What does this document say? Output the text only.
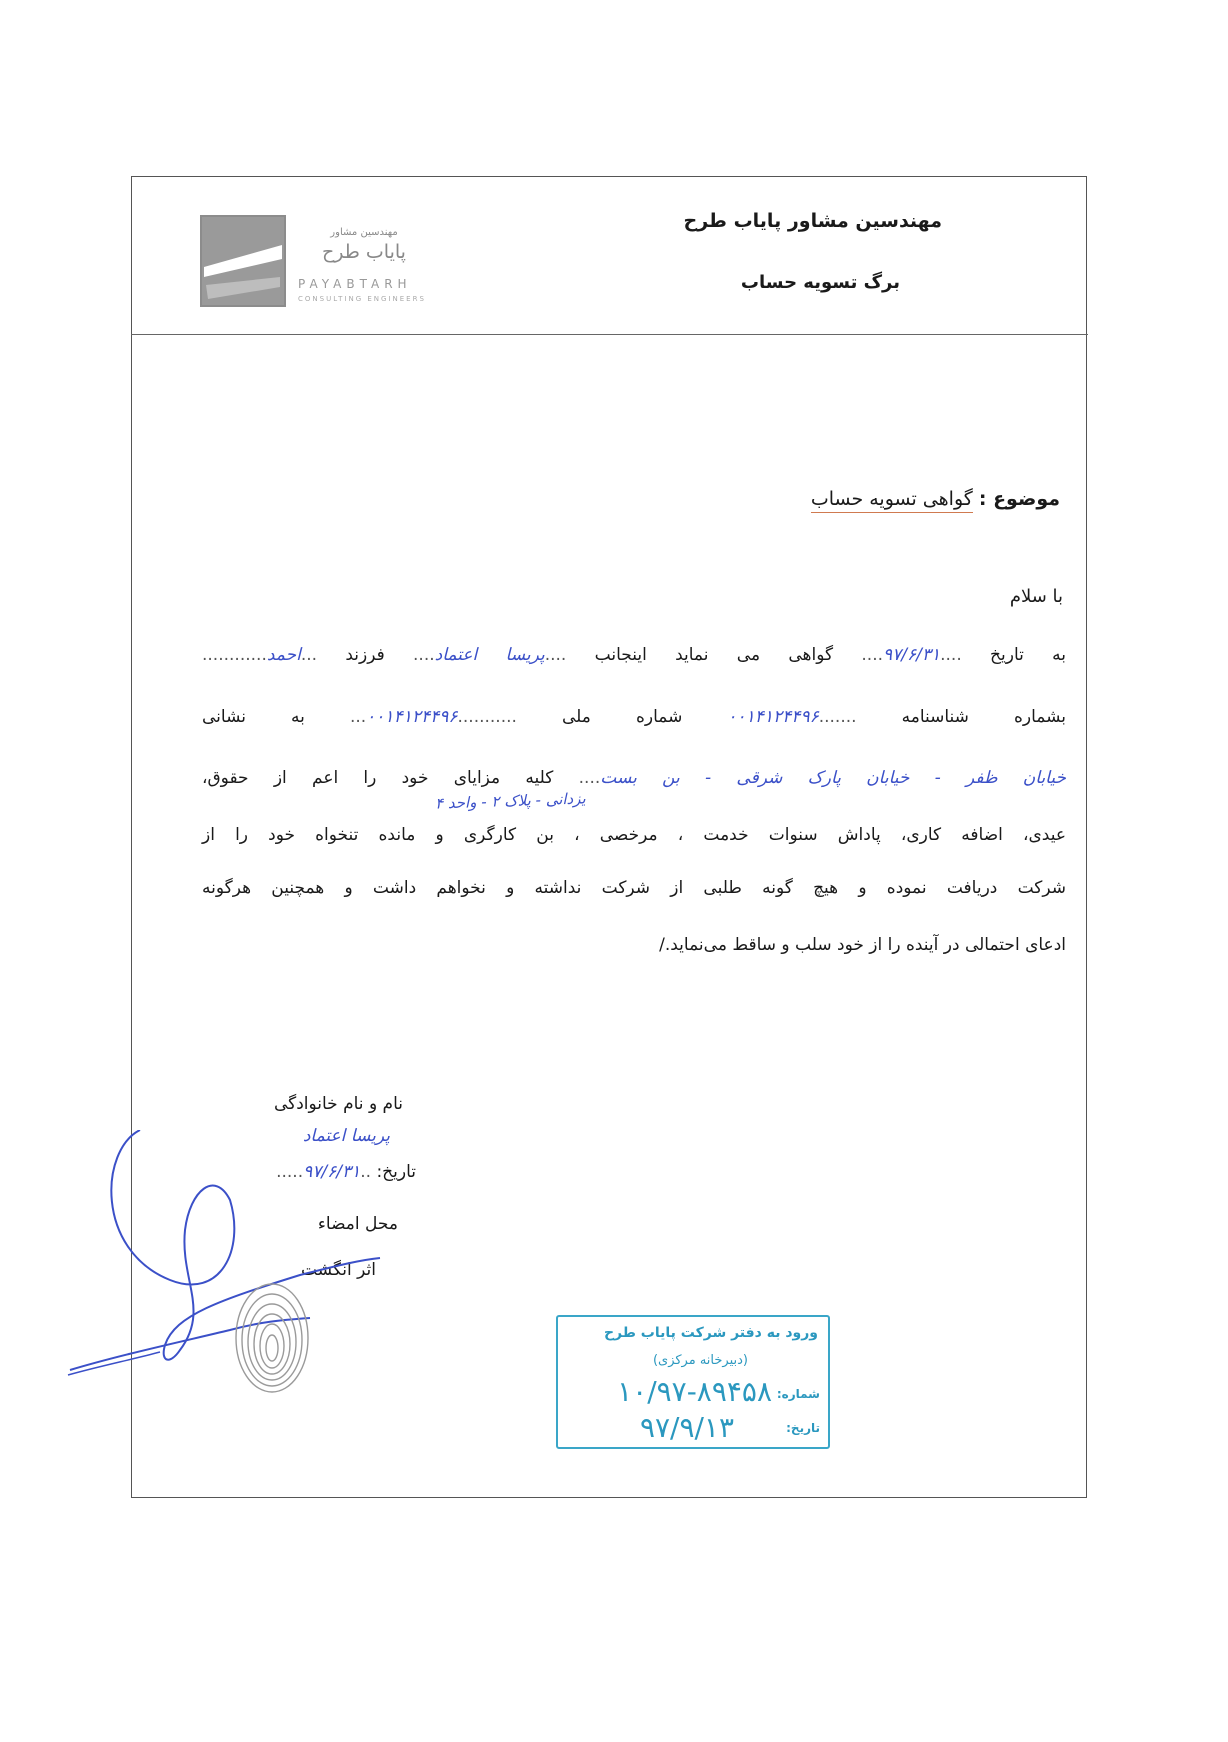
مهندسین مشاور
پایاب طرح
PAYABTARH
CONSULTING ENGINEERS
مهندسین مشاور پایاب طرح
برگ تسویه حساب
موضوع : گواهی تسویه حساب
با سلام
به تاریخ ....۹۷/۶/۳۱.... گواهی می نماید اینجانب ....پریسا اعتماد.... فرزند ...احمد............
بشماره شناسنامه .......۰۰۱۴۱۲۴۴۹۶ شماره ملی ...........۰۰۱۴۱۲۴۴۹۶... به نشانی
خیابان ظفر - خیابان پارک شرقی - بن بست.... کلیه مزایای خود را اعم از حقوق،
یزدانی - پلاک ۲ - واحد ۴
عیدی، اضافه کاری، پاداش سنوات خدمت ، مرخصی ، بن کارگری و مانده تنخواه خود را از
شرکت دریافت نموده و هیچ گونه طلبی از شرکت نداشته و نخواهم داشت و همچنین هرگونه
ادعای احتمالی در آینده را از خود سلب و ساقط می‌نماید./
نام و نام خانوادگی
پریسا اعتماد
تاریخ: ..۹۷/۶/۳۱.....
محل امضاء
اثر انگشت
ورود به دفتر شرکت پایاب طرح
(دبیرخانه مرکزی)
شماره:
۱۰/۹۷-۸۹۴۵۸
تاریخ:
۹۷/۹/۱۳
